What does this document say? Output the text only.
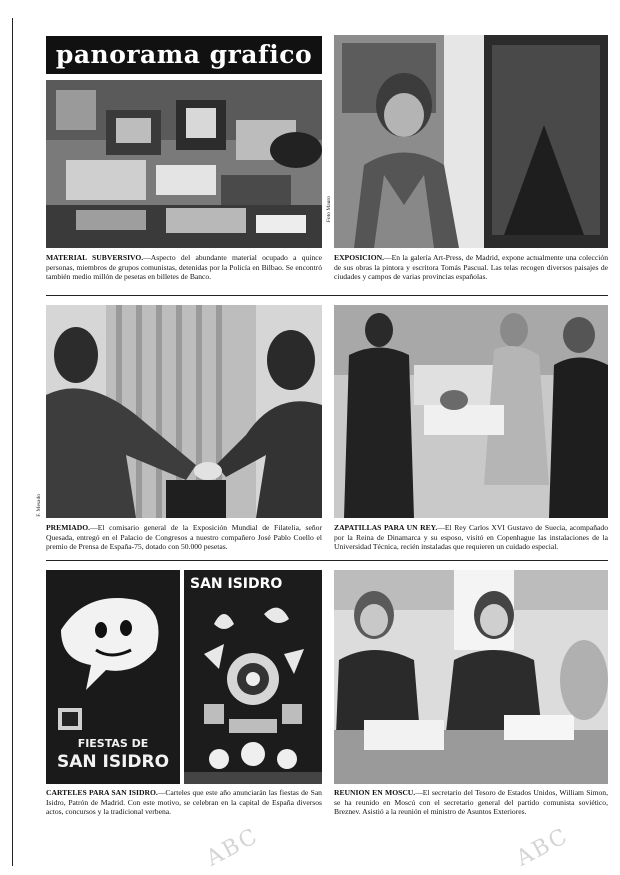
panorama grafico
Foto Mauro
MATERIAL SUBVERSIVO.—Aspecto del abundante material ocupado a quince personas, miembros de grupos comunistas, detenidas por la Policía en Bilbao. Se encontró también medio millón de pesetas en billetes de Banco.
EXPOSICION.—En la galería Art-Press, de Madrid, expone actualmente una colección de sus obras la pintora y escritora Tomás Pascual. Las telas recogen diversos paisajes de ciudades y campos de varias provincias españolas.
F. Mesado
PREMIADO.—El comisario general de la Exposición Mundial de Filatelia, señor Quesada, entregó en el Palacio de Congresos a nuestro compañero José Pablo Coello el premio de Prensa de España-75, dotado con 50.000 pesetas.
ZAPATILLAS PARA UN REY.—El Rey Carlos XVI Gustavo de Suecia, acompañado por la Reina de Dinamarca y su esposo, visitó en Copenhague las instalaciones de la Universidad Técnica, recién instaladas que requieren un cuidado especial.
FIESTAS DE
SAN ISIDRO
SAN ISIDRO
CARTELES PARA SAN ISIDRO.—Carteles que este año anunciarán las fiestas de San Isidro, Patrón de Madrid. Con este motivo, se celebran en la capital de España diversos actos, concursos y la tradicional verbena.
REUNION EN MOSCU.—El secretario del Tesoro de Estados Unidos, William Simon, se ha reunido en Moscú con el secretario general del partido comunista soviético, Breznev. Asistió a la reunión el ministro de Asuntos Exteriores.
ABC	ABC
